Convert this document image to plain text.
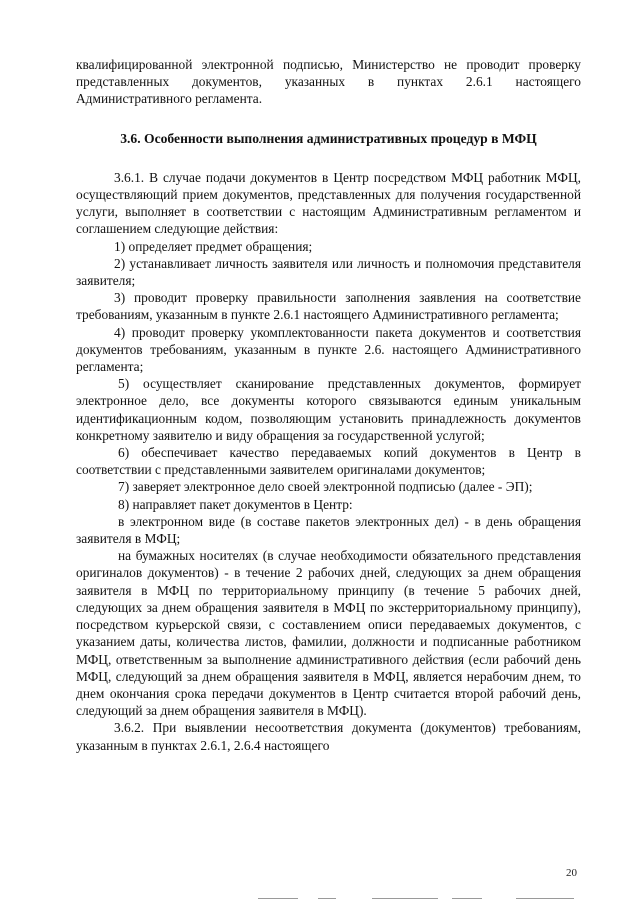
квалифицированной электронной подписью, Министерство не проводит проверку представленных документов, указанных в пунктах 2.6.1 настоящего Административного регламента.

3.6. Особенности выполнения административных процедур в МФЦ

3.6.1. В случае подачи документов в Центр посредством МФЦ работник МФЦ, осуществляющий прием документов, представленных для получения государственной услуги, выполняет в соответствии с настоящим Административным регламентом и соглашением следующие действия:

1) определяет предмет обращения;

2) устанавливает личность заявителя или личность и полномочия представителя заявителя;

3) проводит проверку правильности заполнения заявления на соответствие требованиям, указанным в пункте 2.6.1 настоящего Административного регламента;

4) проводит проверку укомплектованности пакета документов и соответствия документов требованиям, указанным в пункте 2.6. настоящего Административного регламента;

5) осуществляет сканирование представленных документов, формирует электронное дело, все документы которого связываются единым уникальным идентификационным кодом, позволяющим установить принадлежность документов конкретному заявителю и виду обращения за государственной услугой;

6) обеспечивает качество передаваемых копий документов в Центр в соответствии с представленными заявителем оригиналами документов;

7) заверяет электронное дело своей электронной подписью (далее - ЭП);

8) направляет пакет документов в Центр:

в электронном виде (в составе пакетов электронных дел) - в день обращения заявителя в МФЦ;

на бумажных носителях (в случае необходимости обязательного представления оригиналов документов) - в течение 2 рабочих дней, следующих за днем обращения заявителя в МФЦ по территориальному принципу (в течение 5 рабочих дней, следующих за днем обращения заявителя в МФЦ по экстерриториальному принципу), посредством курьерской связи, с составлением описи передаваемых документов, с указанием даты, количества листов, фамилии, должности и подписанные работником МФЦ, ответственным за выполнение административного действия (если рабочий день МФЦ, следующий за днем обращения заявителя в МФЦ, является нерабочим днем, то днем окончания срока передачи документов в Центр считается второй рабочий день, следующий за днем обращения заявителя в МФЦ).

3.6.2. При выявлении несоответствия документа (документов) требованиям, указанным в пунктах 2.6.1, 2.6.4 настоящего

20
